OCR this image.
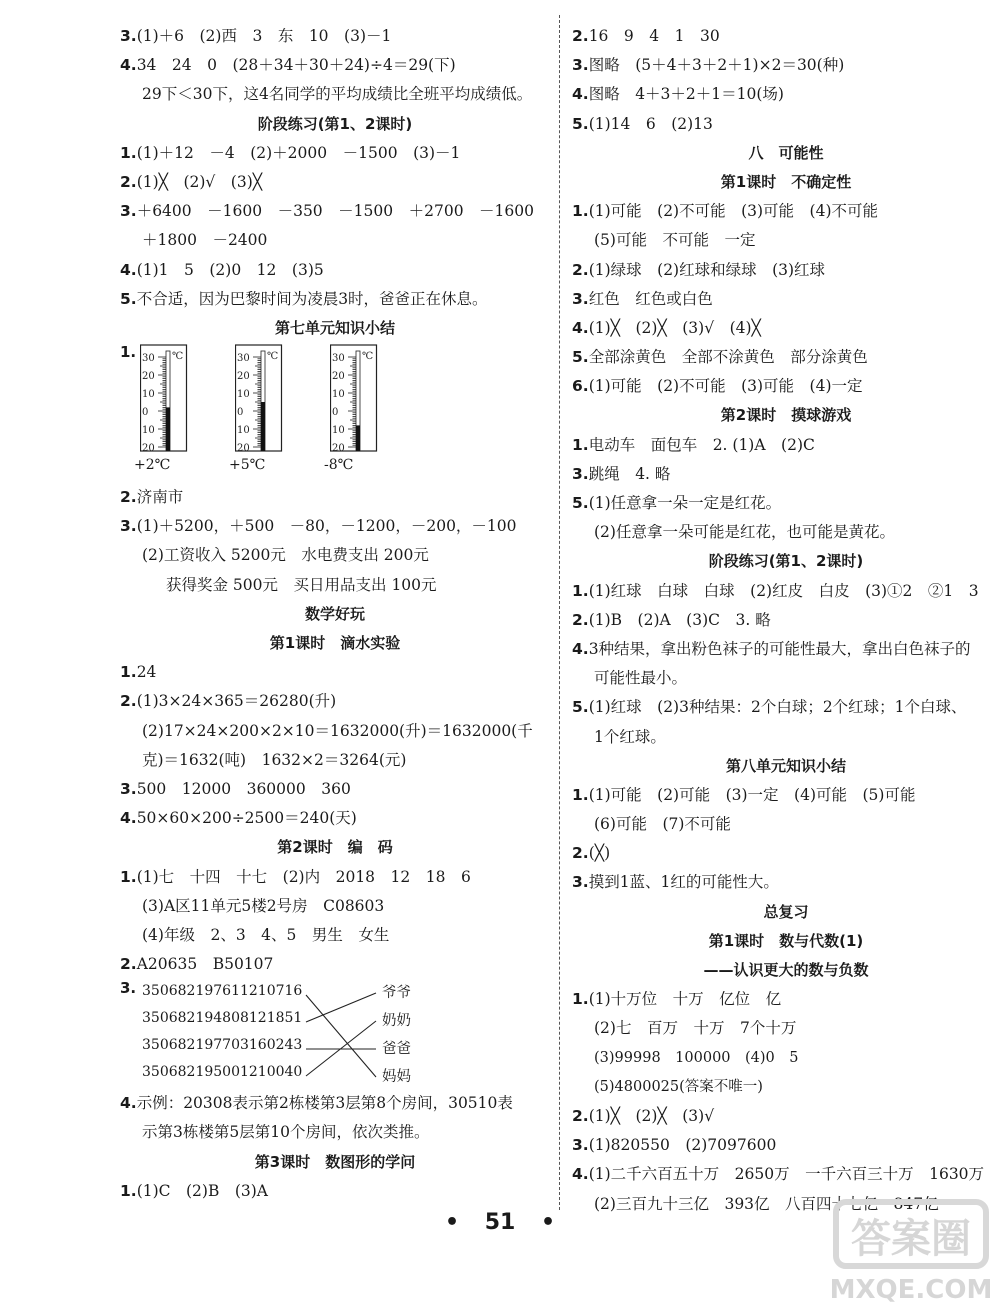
3.(1)＋6　(2)西　3　东　10　(3)－1
4.34　24　0　(28＋34＋30＋24)÷4＝29(下)
29下＜30下，这4名同学的平均成绩比全班平均成绩低。
阶段练习(第1、2课时)
1.(1)＋12　－4　(2)＋2000　－1500　(3)－1
2.(1)╳　(2)√　(3)╳
3.＋6400　－1600　－350　－1500　＋2700　－1600
＋1800　－2400
4.(1)1　5　(2)0　12　(3)5
5.不合适，因为巴黎时间为凌晨3时，爸爸正在休息。
第七单元知识小结
1. 30
20
10
0
10
20
℃
+2℃
30
20
10
0
10
20
℃
+5℃
30
20
10
0
10
20
℃
-8℃
2.济南市
3.(1)＋5200，＋500　－80，－1200，－200，－100
(2)工资收入 5200元　水电费支出 200元
获得奖金 500元　买日用品支出 100元
数学好玩
第1课时　滴水实验
1.24
2.(1)3×24×365＝26280(升)
(2)17×24×200×2×10＝1632000(升)＝1632000(千
克)＝1632(吨)　1632×2＝3264(元)
3.500　12000　360000　360
4.50×60×200÷2500＝240(天)
第2课时　编　码
1.(1)七　十四　十七　(2)内　2018　12　18　6
(3)A区11单元5楼2号房　C08603
(4)年级　2、3　4、5　男生　女生
2.A20635　B50107
3. 350682197611210716
350682194808121851
350682197703160243
350682195001210040
爷爷
奶奶
爸爸
妈妈
4.示例：20308表示第2栋楼第3层第8个房间，30510表
示第3栋楼第5层第10个房间，依次类推。
第3课时　数图形的学问
1.(1)C　(2)B　(3)A
2.16　9　4　1　30
3.图略　(5＋4＋3＋2＋1)×2＝30(种)
4.图略　4＋3＋2＋1＝10(场)
5.(1)14　6　(2)13
八　可能性
第1课时　不确定性
1.(1)可能　(2)不可能　(3)可能　(4)不可能
(5)可能　不可能　一定
2.(1)绿球　(2)红球和绿球　(3)红球
3.红色　红色或白色
4.(1)╳　(2)╳　(3)√　(4)╳
5.全部涂黄色　全部不涂黄色　部分涂黄色
6.(1)可能　(2)不可能　(3)可能　(4)一定
第2课时　摸球游戏
1.电动车　面包车　2. (1)A　(2)C
3.跳绳　4. 略
5.(1)任意拿一朵一定是红花。
(2)任意拿一朵可能是红花，也可能是黄花。
阶段练习(第1、2课时)
1.(1)红球　白球　白球　(2)红皮　白皮　(3)①2　②1　3
2.(1)B　(2)A　(3)C　3. 略
4.3种结果，拿出粉色袜子的可能性最大，拿出白色袜子的
可能性最小。
5.(1)红球　(2)3种结果：2个白球；2个红球；1个白球、
1个红球。
第八单元知识小结
1.(1)可能　(2)可能　(3)一定　(4)可能　(5)可能
(6)可能　(7)不可能
2.(╳)
3.摸到1蓝、1红的可能性大。
总复习
第1课时　数与代数(1)
——认识更大的数与负数
1.(1)十万位　十万　亿位　亿
(2)七　百万　十万　7个十万
(3)99998　100000　(4)0　5
(5)4800025(答案不唯一)
2.(1)╳　(2)╳　(3)√
3.(1)820550　(2)7097600
4.(1)二千六百五十万　2650万　一千六百三十万　1630万
(2)三百九十三亿　393亿　八百四十七亿　847亿
• 51 •	答案圈
MXQE.COM
